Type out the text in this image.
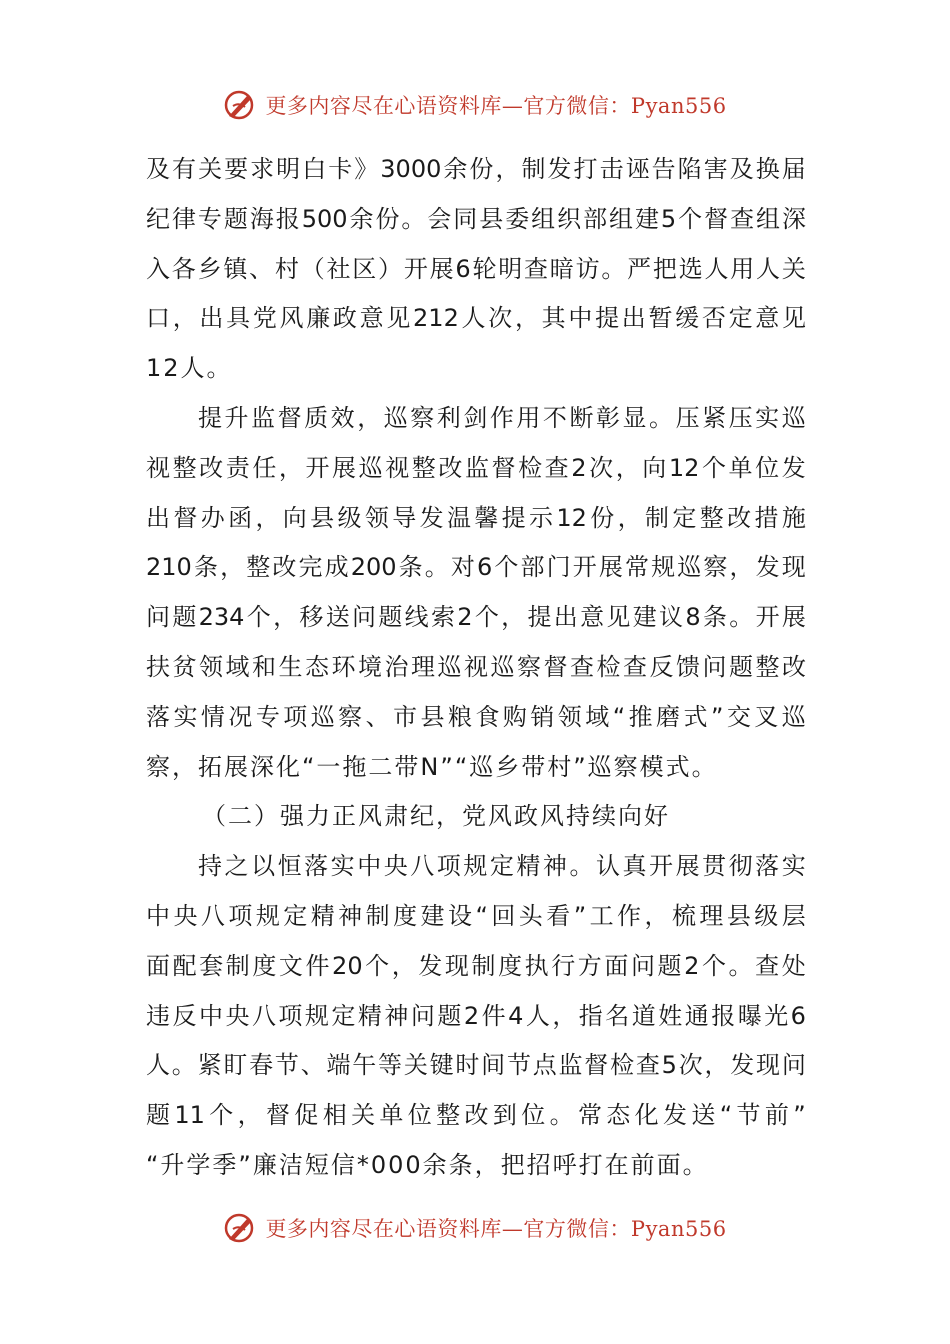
更多内容尽在心语资料库—官方微信：Pyan556
及 有 关 要 求 明 白 卡 》 3000 余 份 ， 制 发 打 击 诬 告 陷 害 及 换 届
纪 律 专 题 海 报 500 余 份 。 会 同 县 委 组 织 部 组 建 5 个 督 查 组 深
入 各 乡 镇 、 村 （ 社 区 ） 开 展 6 轮 明 查 暗 访 。 严 把 选 人 用 人 关
口 ， 出 具 党 风 廉 政 意 见 212 人 次 ， 其 中 提 出 暂 缓 否 定 意 见
12人。
提 升 监 督 质 效 ， 巡 察 利 剑 作 用 不 断 彰 显 。 压 紧 压 实 巡
视 整 改 责 任 ， 开 展 巡 视 整 改 监 督 检 查 2 次 ， 向 12 个 单 位 发
出 督 办 函 ， 向 县 级 领 导 发 温 馨 提 示 12 份 ， 制 定 整 改 措 施
210 条 ， 整 改 完 成 200 条 。 对 6 个 部 门 开 展 常 规 巡 察 ， 发 现
问 题 234 个 ， 移 送 问 题 线 索 2 个 ， 提 出 意 见 建 议 8 条 。 开 展
扶 贫 领 域 和 生 态 环 境 治 理 巡 视 巡 察 督 查 检 查 反 馈 问 题 整 改
落 实 情 况 专 项 巡 察 、 市 县 粮 食 购 销 领 域 “ 推 磨 式 ” 交 叉 巡
察，拓展深化“一拖二带N”“巡乡带村”巡察模式。
（二）强力正风肃纪，党风政风持续向好
持 之 以 恒 落 实 中 央 八 项 规 定 精 神 。 认 真 开 展 贯 彻 落 实
中 央 八 项 规 定 精 神 制 度 建 设 “ 回 头 看 ” 工 作 ， 梳 理 县 级 层
面 配 套 制 度 文 件 20 个 ， 发 现 制 度 执 行 方 面 问 题 2 个 。 查 处
违 反 中 央 八 项 规 定 精 神 问 题 2 件 4 人 ， 指 名 道 姓 通 报 曝 光 6
人 。 紧 盯 春 节 、 端 午 等 关 键 时 间 节 点 监 督 检 查 5 次 ， 发 现 问
题 11 个 ， 督 促 相 关 单 位 整 改 到 位 。 常 态 化 发 送 “ 节 前 ”
“升学季”廉洁短信*000余条，把招呼打在前面。
更多内容尽在心语资料库—官方微信：Pyan556
